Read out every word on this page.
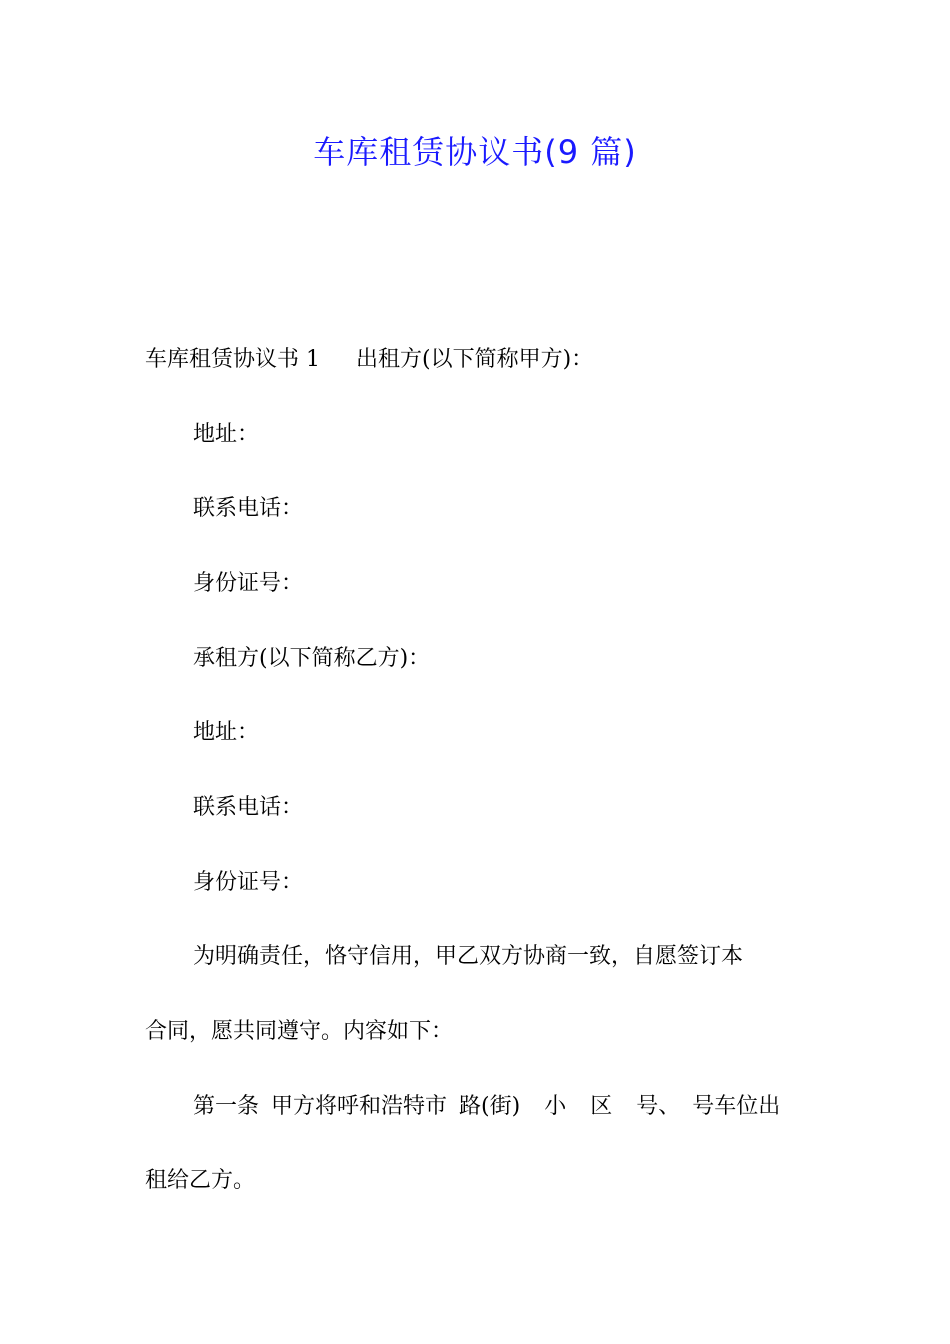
车库租赁协议书(9 篇)
车库租赁协议书 1 出租方(以下简称甲方)：
地址：
联系电话：
身份证号：
承租方(以下简称乙方)：
地址：
联系电话：
身份证号：
为明确责任，恪守信用，甲乙双方协商一致，自愿签订本
合同，愿共同遵守。内容如下：
第一条 甲方将呼和浩特市 路(街) 小 区 号、 号车位出
租给乙方。
